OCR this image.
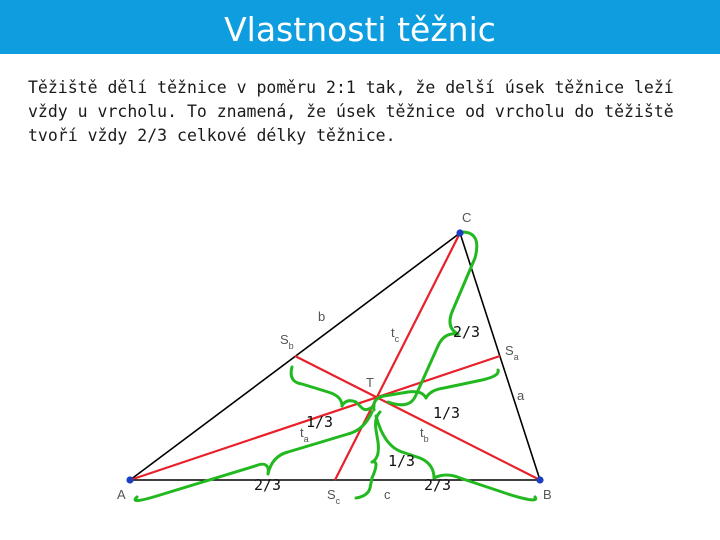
Vlastnosti těžnic

Těžiště dělí těžnice v poměru 2:1 tak, že delší úsek těžnice leží vždy u vrcholu. To znamená, že úsek těžnice od vrcholu do těžiště tvoří vždy 2/3 celkové délky těžnice.

C
A	B
b
a
c
$S_b$	$S_a$
$S_c$
T
$t_c$
$t_a$	$t_b$
2/3
1/3
1/3
1/3
2/3	2/3
